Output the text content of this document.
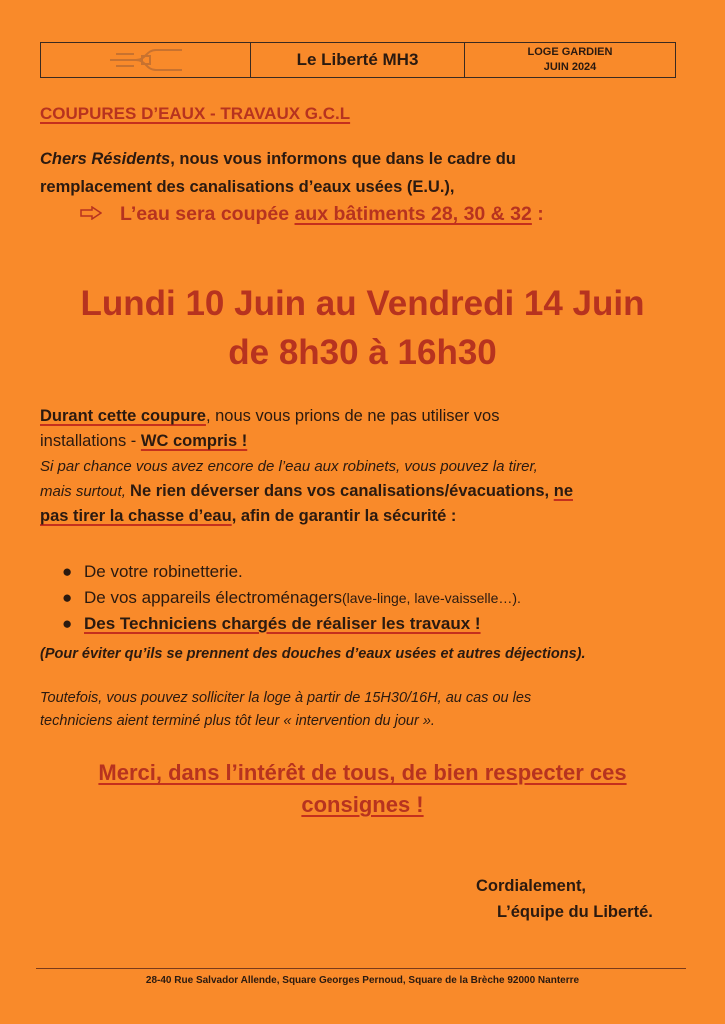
Le Liberté MH3	LOGE GARDIEN
JUIN 2024
COUPURES D’EAUX - TRAVAUX G.C.L
Chers Résidents, nous vous informons que dans le cadre du
remplacement des canalisations d’eaux usées (E.U.),
L’eau sera coupée aux bâtiments 28, 30 & 32 :
Lundi 10 Juin au Vendredi 14 Juin
de 8h30 à 16h30
Durant cette coupure, nous vous prions de ne pas utiliser vos
installations - WC compris !
Si par chance vous avez encore de l’eau aux robinets, vous pouvez la tirer,
mais surtout, Ne rien déverser dans vos canalisations/évacuations, ne
pas tirer la chasse d’eau, afin de garantir la sécurité :
● De votre robinetterie.
● De vos appareils électroménagers (lave-linge, lave-vaisselle…).
● Des Techniciens chargés de réaliser les travaux !
(Pour éviter qu’ils se prennent des douches d’eaux usées et autres déjections).
Toutefois, vous pouvez solliciter la loge à partir de 15H30/16H, au cas ou les
techniciens aient terminé plus tôt leur « intervention du jour ».
Merci, dans l’intérêt de tous, de bien respecter ces
consignes !
Cordialement,
L’équipe du Liberté.
28-40 Rue Salvador Allende, Square Georges Pernoud, Square de la Brèche 92000 Nanterre
